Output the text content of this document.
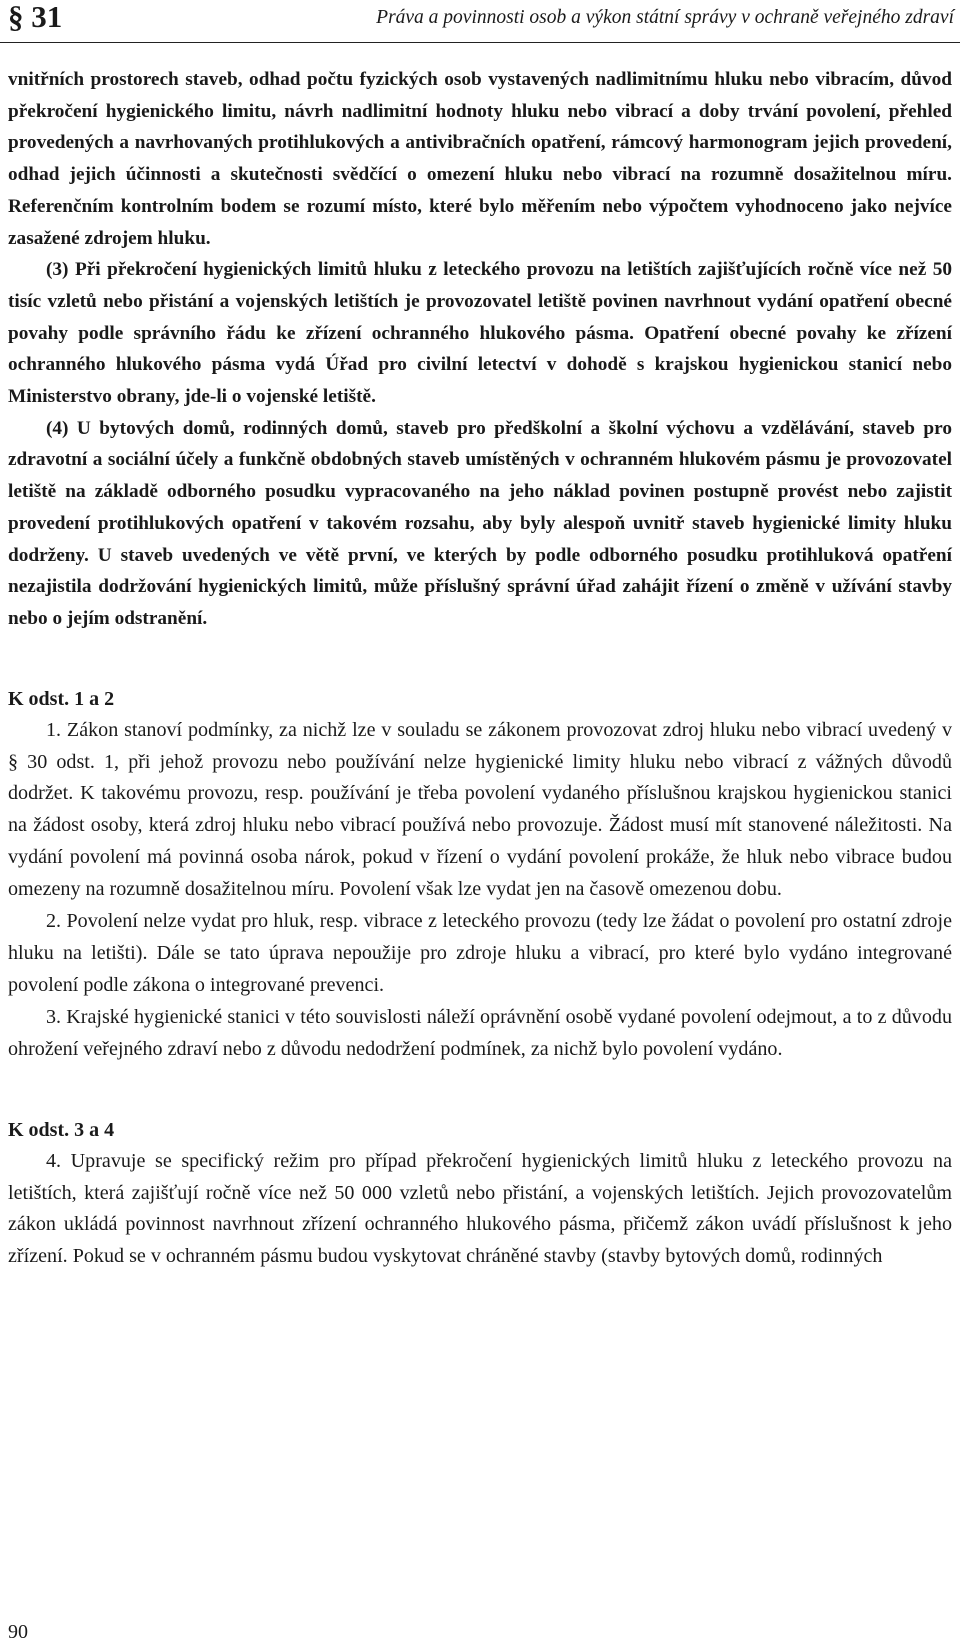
§ 31	Práva a povinnosti osob a výkon státní správy v ochraně veřejného zdraví

vnitřních prostorech staveb, odhad počtu fyzických osob vystavených nadlimitnímu hluku nebo vibracím, důvod překročení hygienického limitu, návrh nadlimitní hodnoty hluku nebo vibrací a doby trvání povolení, přehled provedených a navrhovaných protihlukových a antivibračních opatření, rámcový harmonogram jejich provedení, odhad jejich účinnosti a skutečnosti svědčící o omezení hluku nebo vibrací na rozumně dosažitelnou míru. Referenčním kontrolním bodem se rozumí místo, které bylo měřením nebo výpočtem vyhodnoceno jako nejvíce zasažené zdrojem hluku.

(3) Při překročení hygienických limitů hluku z leteckého provozu na letištích zajišťujících ročně více než 50 tisíc vzletů nebo přistání a vojenských letištích je provozovatel letiště povinen navrhnout vydání opatření obecné povahy podle správního řádu ke zřízení ochranného hlukového pásma. Opatření obecné povahy ke zřízení ochranného hlukového pásma vydá Úřad pro civilní letectví v dohodě s krajskou hygienickou stanicí nebo Ministerstvo obrany, jde-li o vojenské letiště.

(4) U bytových domů, rodinných domů, staveb pro předškolní a školní výchovu a vzdělávání, staveb pro zdravotní a sociální účely a funkčně obdobných staveb umístěných v ochranném hlukovém pásmu je provozovatel letiště na základě odborného posudku vypracovaného na jeho náklad povinen postupně provést nebo zajistit provedení protihlukových opatření v takovém rozsahu, aby byly alespoň uvnitř staveb hygienické limity hluku dodrženy. U staveb uvedených ve větě první, ve kterých by podle odborného posudku protihluková opatření nezajistila dodržování hygienických limitů, může příslušný správní úřad zahájit řízení o změně v užívání stavby nebo o jejím odstranění.

K odst. 1 a 2

1. Zákon stanoví podmínky, za nichž lze v souladu se zákonem provozovat zdroj hluku nebo vibrací uvedený v § 30 odst. 1, při jehož provozu nebo používání nelze hygienické limity hluku nebo vibrací z vážných důvodů dodržet. K takovému provozu, resp. používání je třeba povolení vydaného příslušnou krajskou hygienickou stanici na žádost osoby, která zdroj hluku nebo vibrací používá nebo provozuje. Žádost musí mít stanovené náležitosti. Na vydání povolení má povinná osoba nárok, pokud v řízení o vydání povolení prokáže, že hluk nebo vibrace budou omezeny na rozumně dosažitelnou míru. Povolení však lze vydat jen na časově omezenou dobu.

2. Povolení nelze vydat pro hluk, resp. vibrace z leteckého provozu (tedy lze žádat o povolení pro ostatní zdroje hluku na letišti). Dále se tato úprava nepoužije pro zdroje hluku a vibrací, pro které bylo vydáno integrované povolení podle zákona o integrované prevenci.

3. Krajské hygienické stanici v této souvislosti náleží oprávnění osobě vydané povolení odejmout, a to z důvodu ohrožení veřejného zdraví nebo z důvodu nedodržení podmínek, za nichž bylo povolení vydáno.

K odst. 3 a 4

4. Upravuje se specifický režim pro případ překročení hygienických limitů hluku z leteckého provozu na letištích, která zajišťují ročně více než 50 000 vzletů nebo přistání, a vojenských letištích. Jejich provozovatelům zákon ukládá povinnost navrhnout zřízení ochranného hlukového pásma, přičemž zákon uvádí příslušnost k jeho zřízení. Pokud se v ochranném pásmu budou vyskytovat chráněné stavby (stavby bytových domů, rodinných

90
